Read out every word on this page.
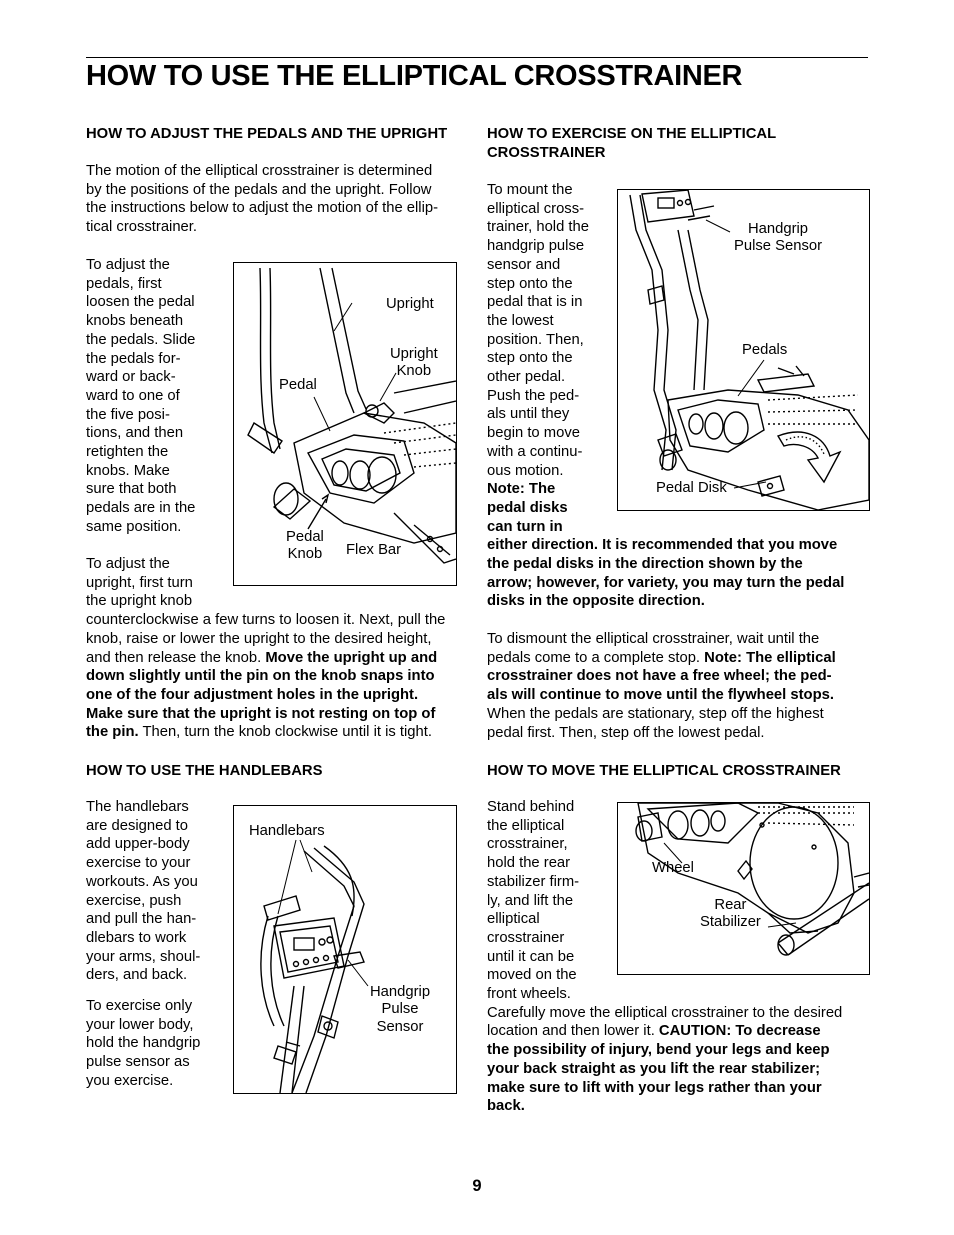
HOW TO USE THE ELLIPTICAL CROSSTRAINER
HOW TO ADJUST THE PEDALS AND THE UPRIGHT
The motion of the elliptical crosstrainer is determined
by the positions of the pedals and the upright. Follow
the instructions below to adjust the motion of the ellip-
tical crosstrainer.
To adjust the
pedals, first
loosen the pedal
knobs beneath
the pedals. Slide
the pedals for-
ward or back-
ward to one of
the five posi-
tions, and then
retighten the
knobs. Make
sure that both
pedals are in the
same position.
To adjust the
upright, first turn
the upright knob
counterclockwise a few turns to loosen it. Next, pull the
knob, raise or lower the upright to the desired height,
and then release the knob. Move the upright up and
down slightly until the pin on the knob snaps into
one of the four adjustment holes in the upright.
Make sure that the upright is not resting on top of
the pin. Then, turn the knob clockwise until it is tight.
Upright
Upright
Knob
Pedal
Pedal
Knob Flex Bar
HOW TO USE THE HANDLEBARS
The handlebars
are designed to
add upper-body
exercise to your
workouts. As you
exercise, push
and pull the han-
dlebars to work
your arms, shoul-
ders, and back.
To exercise only
your lower body,
hold the handgrip
pulse sensor as
you exercise.
Handlebars
Handgrip
Pulse
Sensor
HOW TO EXERCISE ON THE ELLIPTICAL
CROSSTRAINER
To mount the
elliptical cross-
trainer, hold the
handgrip pulse
sensor and
step onto the
pedal that is in
the lowest
position. Then,
step onto the
other pedal.
Push the ped-
als until they
begin to move
with a continu-
ous motion.
Note: The
pedal disks
can turn in
either direction. It is recommended that you move
the pedal disks in the direction shown by the
arrow; however, for variety, you may turn the pedal
disks in the opposite direction.
To dismount the elliptical crosstrainer, wait until the
pedals come to a complete stop. Note: The elliptical
crosstrainer does not have a free wheel; the ped-
als will continue to move until the flywheel stops.
When the pedals are stationary, step off the highest
pedal first. Then, step off the lowest pedal.
Handgrip
Pulse Sensor
Pedals
Pedal Disk
HOW TO MOVE THE ELLIPTICAL CROSSTRAINER
Stand behind
the elliptical
crosstrainer,
hold the rear
stabilizer firm-
ly, and lift the
elliptical
crosstrainer
until it can be
moved on the
front wheels.
Carefully move the elliptical crosstrainer to the desired
location and then lower it. CAUTION: To decrease
the possibility of injury, bend your legs and keep
your back straight as you lift the rear stabilizer;
make sure to lift with your legs rather than your
back.
Wheel
Rear
Stabilizer
9
